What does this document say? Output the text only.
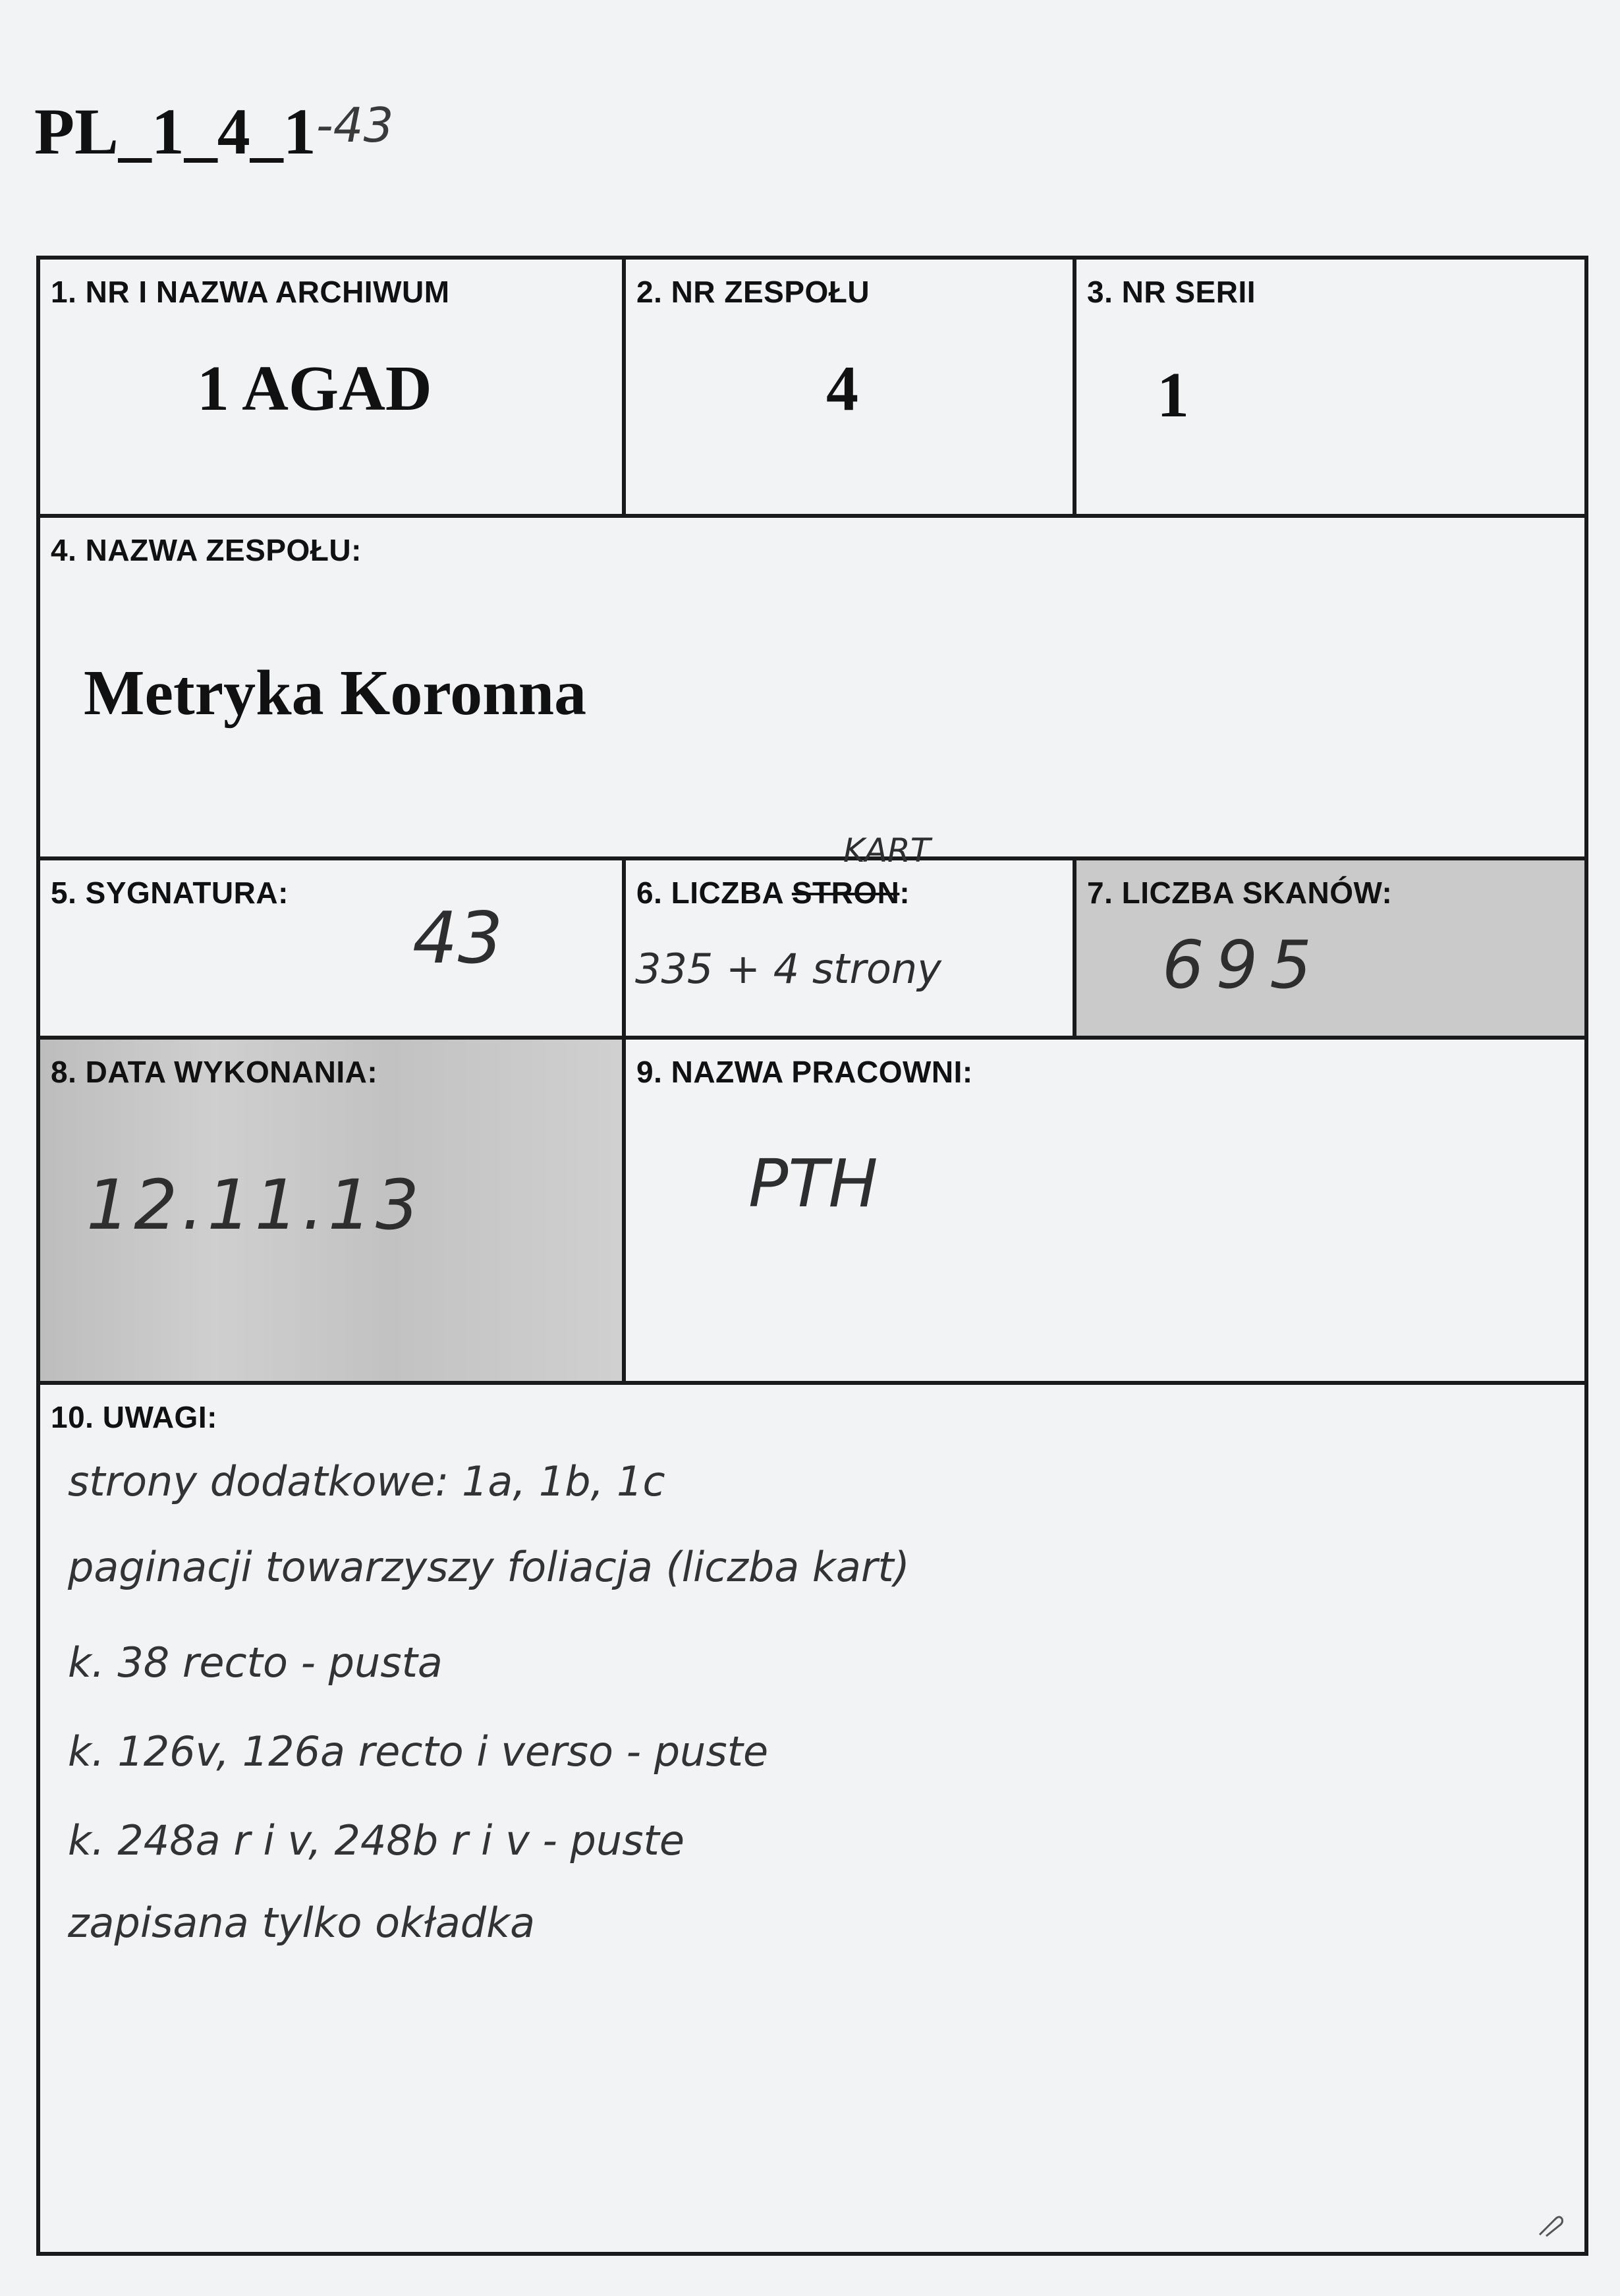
PL_1_4_1-43
1. NR I NAZWA ARCHIWUM
1 AGAD
2. NR ZESPOŁU
4
3. NR SERII
1
4. NAZWA ZESPOŁU:
Metryka Koronna
5. SYGNATURA:
43
6. LICZBA STRON:
KART
335 + 4 strony
7. LICZBA SKANÓW:
695
8. DATA WYKONANIA:
12.11.13
9. NAZWA PRACOWNI:
PTH
10. UWAGI:
strony dodatkowe: 1a, 1b, 1c
paginacji towarzyszy foliacja (liczba kart)
k. 38 recto - pusta
k. 126v, 126a recto i verso - puste
k. 248a r i v, 248b r i v - puste
zapisana tylko okładka
